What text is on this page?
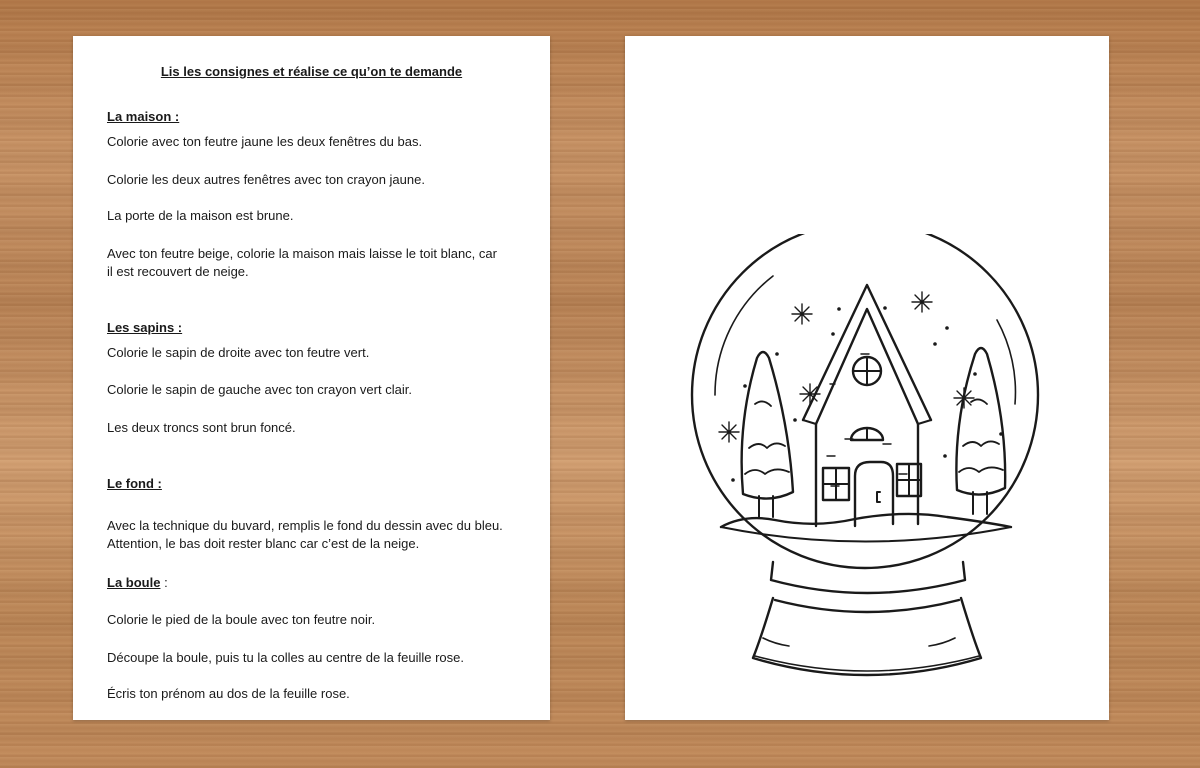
Lis les consignes et réalise ce qu’on te demande
La maison :
Colorie avec ton feutre jaune les deux fenêtres du bas.
Colorie les deux autres fenêtres avec ton crayon jaune.
La porte de la maison est brune.
Avec ton feutre beige, colorie la maison mais laisse le toit blanc, car il est recouvert de neige.
Les sapins :
Colorie le sapin de droite avec ton feutre vert.
Colorie le sapin de gauche avec ton crayon vert clair.
Les deux troncs sont brun foncé.
Le fond :
Avec la technique du buvard, remplis le fond du dessin avec du bleu. Attention, le bas doit rester blanc car c’est de la neige.
La boule :
Colorie le pied de la boule avec ton feutre noir.
Découpe la boule, puis tu la colles au centre de la feuille rose.
Écris ton prénom au dos de la feuille rose.
